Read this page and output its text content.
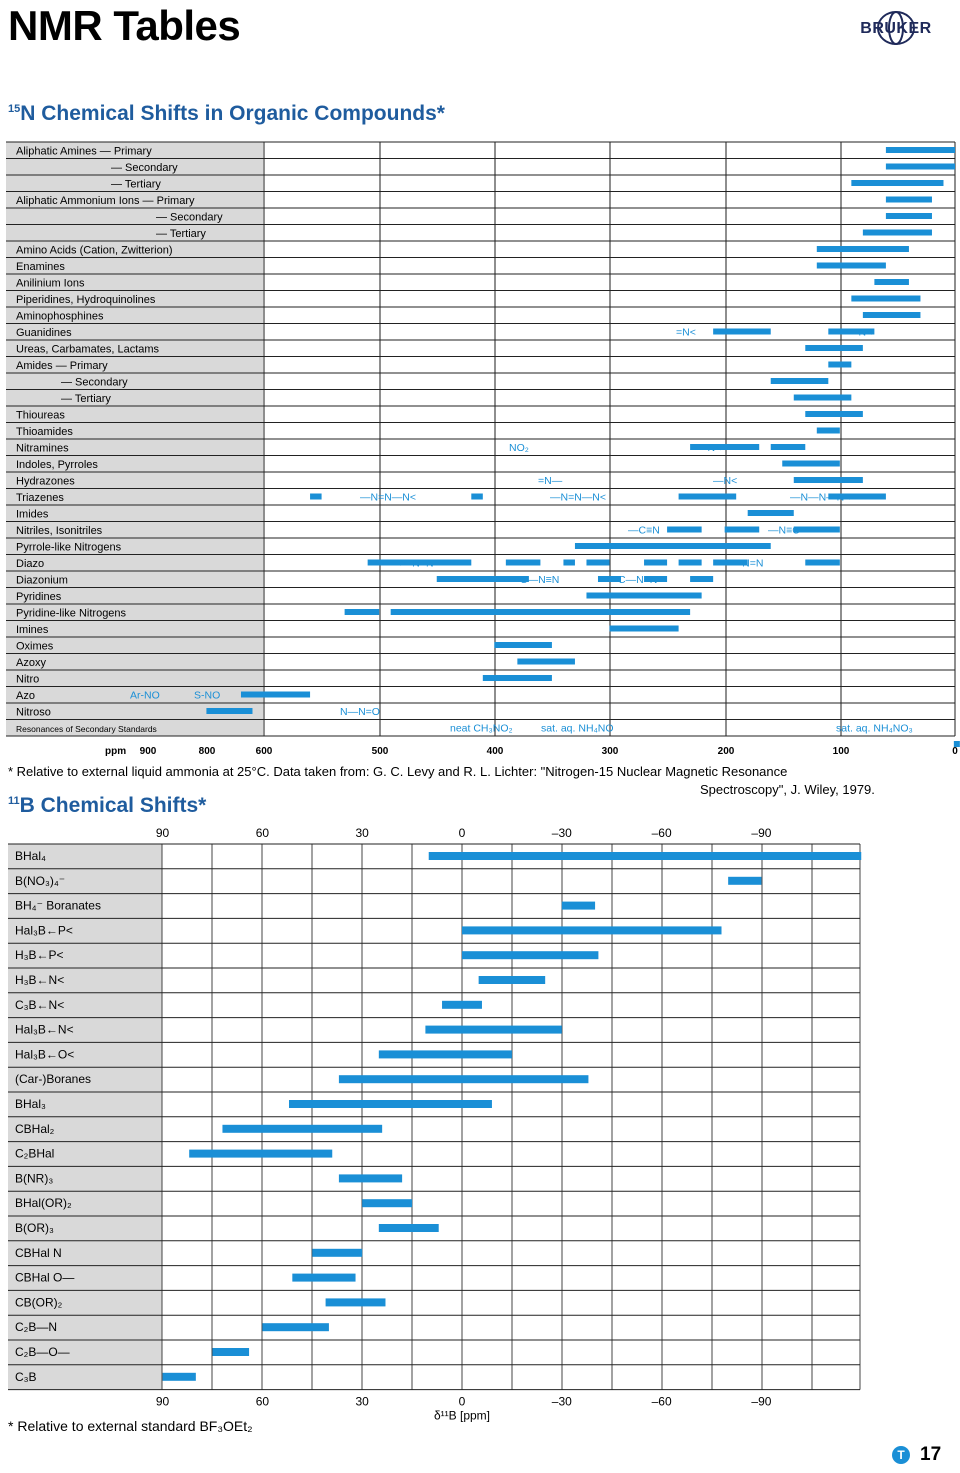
NMR Tables	BRUKER
$^{15}$N Chemical Shifts in Organic Compounds*
Aliphatic Amines — Primary
— Secondary
— Tertiary
Aliphatic Ammonium Ions — Primary
— Secondary
— Tertiary
Amino Acids (Cation, Zwitterion)
Enamines
Anilinium Ions
Piperidines, Hydroquinolines
Aminophosphines
Guanidines
Ureas, Carbamates, Lactams
Amides — Primary
— Secondary
— Tertiary
Thioureas
Thioamides
Nitramines
Indoles, Pyrroles
Hydrazones
Triazenes
Imides
Nitriles, Isonitriles
Pyrrole-like Nitrogens
Diazo
Diazonium
Pyridines
Pyridine-like Nitrogens
Imines
Oximes
Azoxy
Nitro
Azo
Nitroso
Resonances of Secondary Standards
ppm 900	800	600	500	400	300	200	100	0
=N<	—N<
NO₂	—N<
=N—	—N<
—N=N—N<	—N=N—N<	—N—N—N<
—C≡N	—N≡C
C—N≡N	C—N≡N
>=N=N	=N=N
N—N=O
Ar-NO	S-NO
neat CH₃NO₂	sat. aq. NH₄NO	sat. aq. NH₄NO₃
* Relative to external liquid ammonia at 25°C. Data taken from: G. C. Levy and R. L. Lichter: "Nitrogen-15 Nuclear Magnetic Resonance
Spectroscopy", J. Wiley, 1979.
$^{11}$B Chemical Shifts*
90
90
60
60
30
30
0
0
–30
–30
–60
–60
–90
–90
δ¹¹B [ppm]
BHal₄
B(NO₃)₄⁻
BH₄⁻ Boranates
Hal₃B←P<
H₃B←P<
H₃B←N<
C₃B←N<
Hal₃B←N<
Hal₃B←O<
(Car-)Boranes
BHal₃
CBHal₂
C₂BHal
B(NR)₃
BHal(OR)₂
B(OR)₃
CBHal N
CBHal O—
CB(OR)₂
C₂B—N
C₂B—O—
C₃B
* Relative to external standard BF₃OEt₂
T 17
